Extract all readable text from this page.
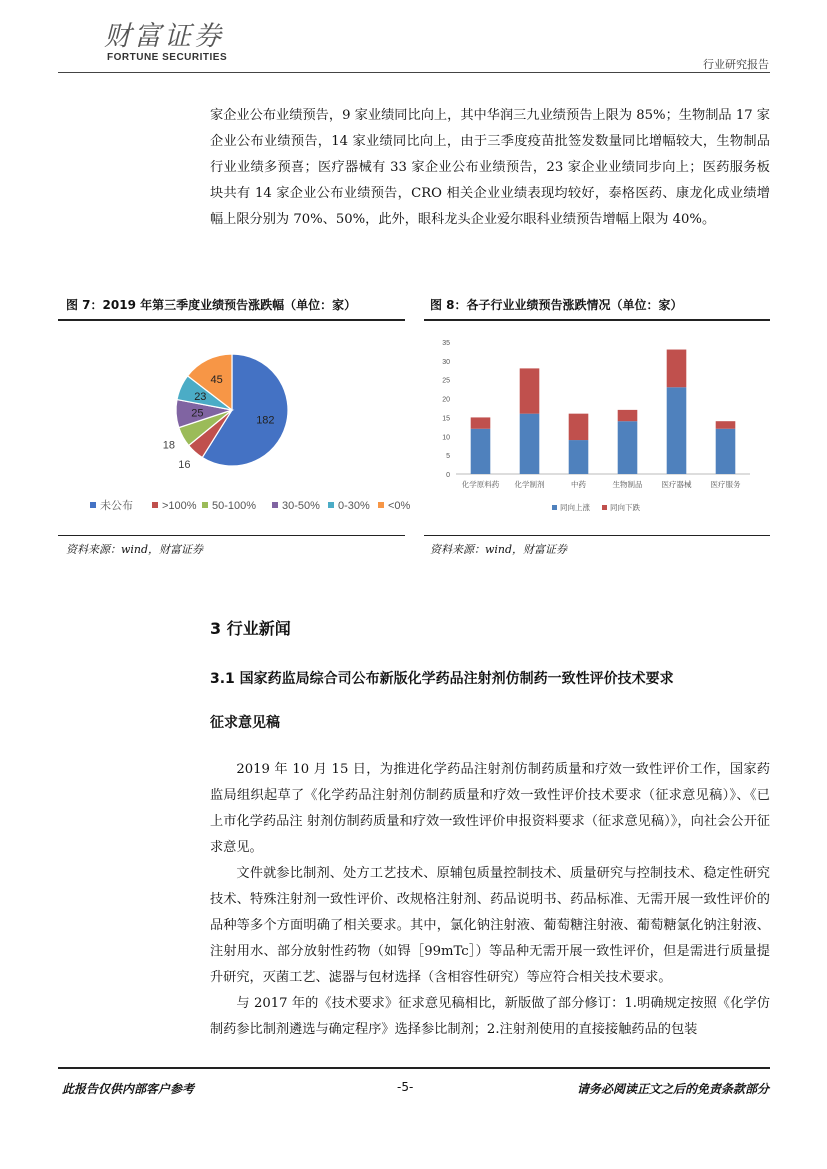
财富证券
FORTUNE SECURITIES
行业研究报告

家企业公布业绩预告，9 家业绩同比向上，其中华润三九业绩预告上限为 85%；生物制品 17 家企业公布业绩预告，14 家业绩同比向上，由于三季度疫苗批签发数量同比增幅较大，生物制品行业业绩多预喜；医疗器械有 33 家企业公布业绩预告，23 家企业业绩同步向上；医药服务板块共有 14 家企业公布业绩预告，CRO 相关企业业绩表现均较好，泰格医药、康龙化成业绩增幅上限分别为 70%、50%，此外，眼科龙头企业爱尔眼科业绩预告增幅上限为 40%。

图 7：2019 年第三季度业绩预告涨跌幅（单位：家）
182
16
18
25
23
45
未公布	>100% 50-100% 30-50% 0-30% <0%
资料来源：wind，财富证券
图 8：各子行业业绩预告涨跌情况（单位：家）
0
5
10
15
20
25
30
35
化学原料药 化学制剂	中药	生物制品	医疗器械	医疗服务
同向上涨	同向下跌
资料来源：wind，财富证券
3 行业新闻
3.1 国家药监局综合司公布新版化学药品注射剂仿制药一致性评价技术要求
征求意见稿

2019 年 10 月 15 日，为推进化学药品注射剂仿制药质量和疗效一致性评价工作，国家药监局组织起草了《化学药品注射剂仿制药质量和疗效一致性评价技术要求（征求意见稿）》、《已上市化学药品注 射剂仿制药质量和疗效一致性评价申报资料要求（征求意见稿）》，向社会公开征求意见。

文件就参比制剂、处方工艺技术、原辅包质量控制技术、质量研究与控制技术、稳定性研究技术、特殊注射剂一致性评价、改规格注射剂、药品说明书、药品标准、无需开展一致性评价的品种等多个方面明确了相关要求。其中，氯化钠注射液、葡萄糖注射液、葡萄糖氯化钠注射液、注射用水、部分放射性药物（如锝［99mTc］）等品种无需开展一致性评价，但是需进行质量提升研究，灭菌工艺、滤器与包材选择（含相容性研究）等应符合相关技术要求。

与 2017 年的《技术要求》征求意见稿相比，新版做了部分修订：1.明确规定按照《化学仿制药参比制剂遴选与确定程序》选择参比制剂；2.注射剂使用的直接接触药品的包装

此报告仅供内部客户参考	-5-	请务必阅读正文之后的免责条款部分
